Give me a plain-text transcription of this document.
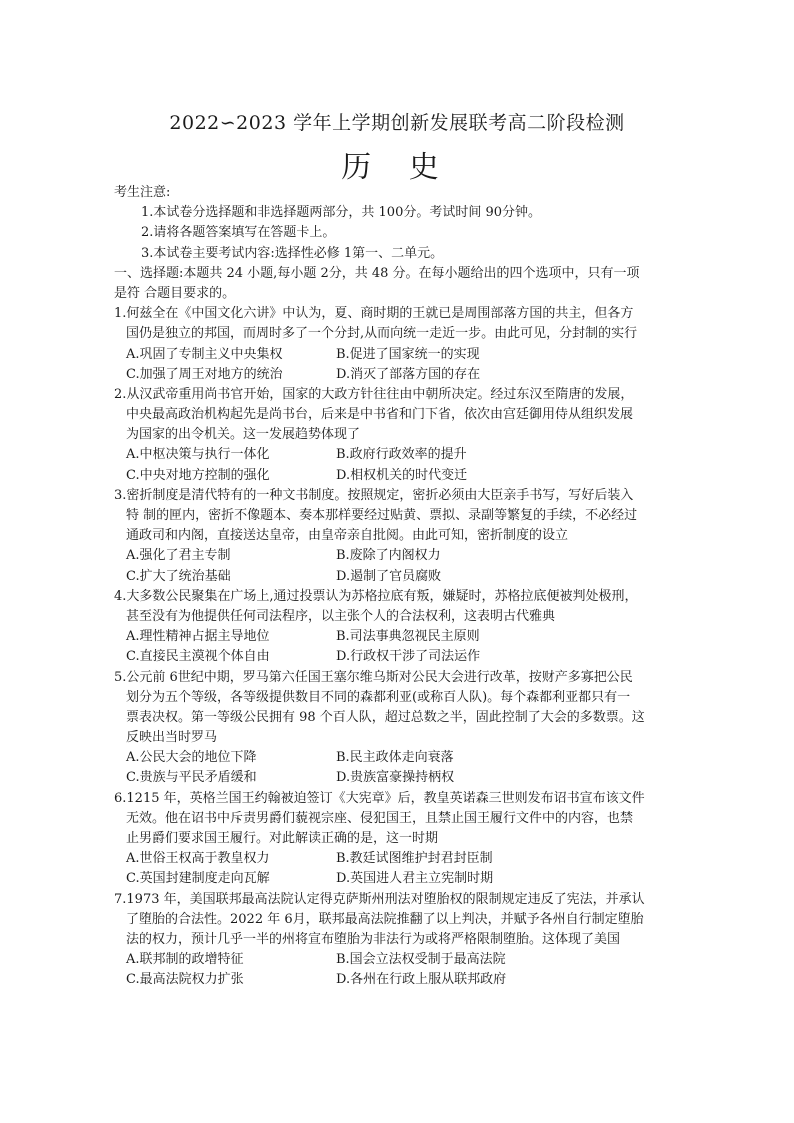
2022∽2023 学年上学期创新发展联考高二阶段检测
历 史
考生注意:
1.本试卷分选择题和非选择题两部分，共 100分。考试时间 90分钟。
2.请将各题答案填写在答题卡上。
3.本试卷主要考试内容:选择性必修 1第一、二单元。
一、选择题:本题共 24 小题,每小题 2分，共 48 分。在每小题给出的四个选项中，只有一项
是符 合题目要求的。
1.何兹全在《中国文化六讲》中认为，夏、商时期的王就已是周围部落方国的共主，但各方
国仍是独立的邦国，而周时多了一个分封,从而向统一走近一步。由此可见，分封制的实行
A.巩固了专制主义中央集权	B.促进了国家统一的实现
C.加强了周王对地方的统治	D.消灭了部落方国的存在
2.从汉武帝重用尚书官开始，国家的大政方针往往由中朝所决定。经过东汉至隋唐的发展，
中央最高政治机构起先是尚书台，后来是中书省和门下省，依次由宫廷御用侍从组织发展
为国家的出令机关。这一发展趋势体现了
A.中枢决策与执行一体化	B.政府行政效率的提升
C.中央对地方控制的强化	D.相权机关的时代变迁
3.密折制度是清代特有的一种文书制度。按照规定，密折必须由大臣亲手书写，写好后装入
特 制的匣内，密折不像题本、奏本那样要经过贴黄、票拟、录副等繁复的手续，不必经过
通政司和内阁，直接送达皇帝，由皇帝亲自批阅。由此可知，密折制度的设立
A.强化了君主专制	B.废除了内阁权力
C.扩大了统治基础	D.遏制了官员腐败
4.大多数公民聚集在广场上,通过投票认为苏格拉底有叛，嫌疑时，苏格拉底便被判处极刑，
甚至没有为他提供任何司法程序，以主张个人的合法权利，这表明古代雅典
A.理性精神占据主导地位	B.司法事典忽视民主原则
C.直接民主漠视个体自由	D.行政权干涉了司法运作
5.公元前 6世纪中期，罗马第六任国王塞尔维乌斯对公民大会进行改革，按财产多寡把公民
划分为五个等级，各等级提供数目不同的森都利亚(或称百人队)。每个森都利亚都只有一
票表决权。第一等级公民拥有 98 个百人队，超过总数之半，固此控制了大会的多数票。这
反映出当时罗马
A.公民大会的地位下降	B.民主政体走向衰落
C.贵族与平民矛盾缓和	D.贵族富豪操持柄权
6.1215 年，英格兰国王约翰被迫签订《大宪章》后，教皇英诺森三世则发布诏书宣布该文件
无效。他在诏书中斥责男爵们藐视宗座、侵犯国王，且禁止国王履行文件中的内容，也禁
止男爵们要求国王履行。对此解读正确的是，这一时期
A.世俗王权高于教皇权力	B.教廷试图维护封君封臣制
C.英国封建制度走向瓦解	D.英国进人君主立宪制时期
7.1973 年，美国联邦最高法院认定得克萨斯州刑法对堕胎权的限制规定违反了宪法，并承认
了堕胎的合法性。2022 年 6月，联邦最高法院推翻了以上判决，并赋予各州自行制定堕胎
法的权力，预计几乎一半的州将宣布堕胎为非法行为或将严格限制堕胎。这体现了美国
A.联邦制的政增特征	B.国会立法权受制于最高法院
C.最高法院权力扩张	D.各州在行政上服从联邦政府
